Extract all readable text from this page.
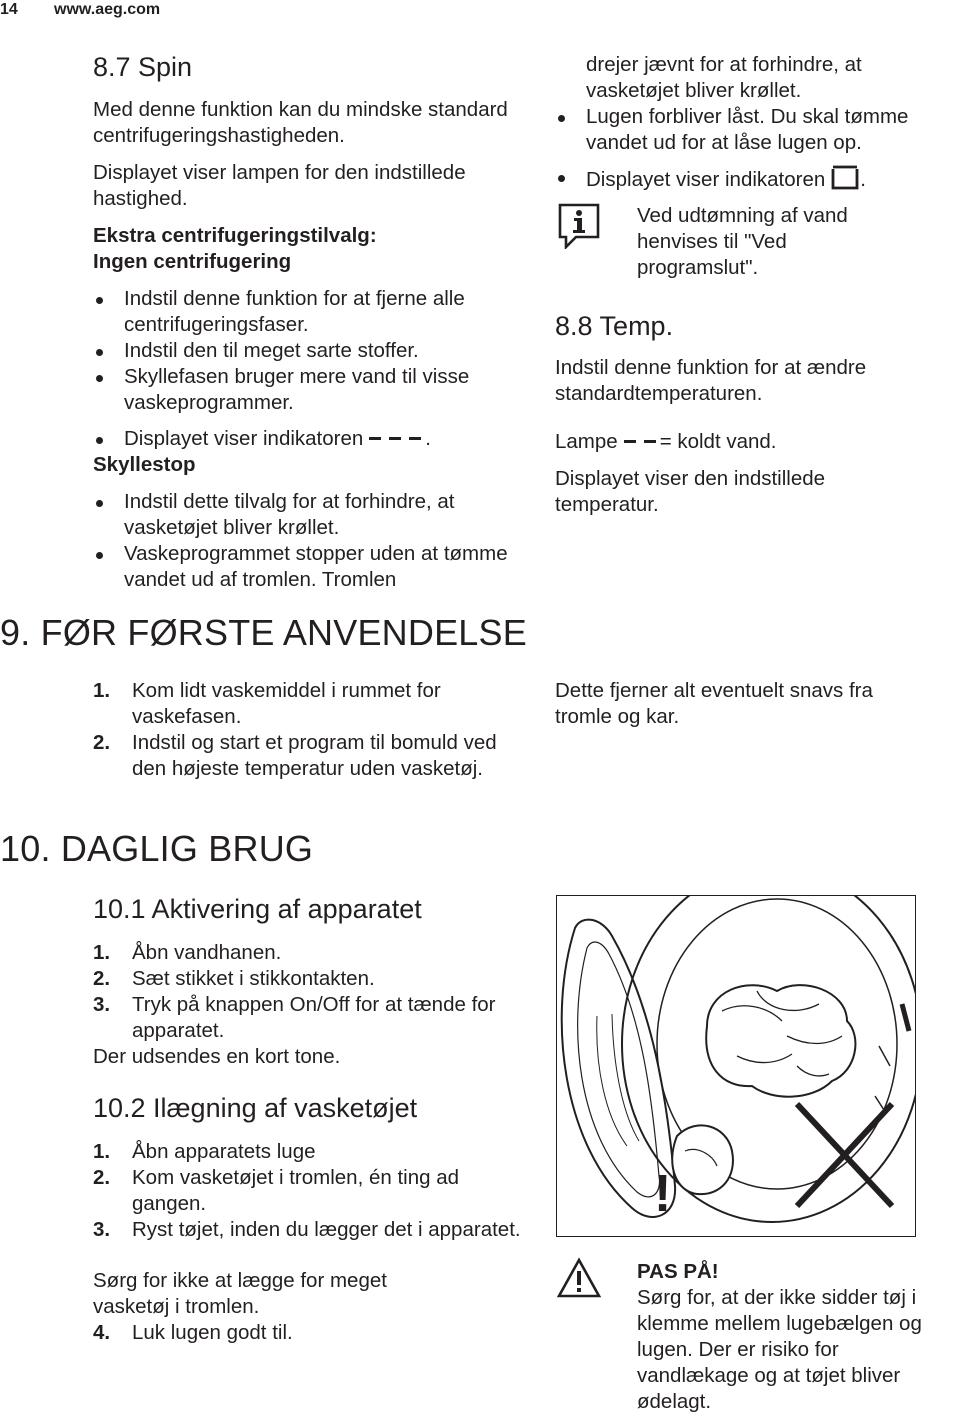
14 www.aeg.com
8.7 Spin
Med denne funktion kan du mindske standard centrifugeringshastigheden.
Displayet viser lampen for den indstillede hastighed.
Ekstra centrifugeringstilvalg:
Ingen centrifugering
Indstil denne funktion for at fjerne alle centrifugeringsfaser.
Indstil den til meget sarte stoffer.
Skyllefasen bruger mere vand til visse vaskeprogrammer.
Displayet viser indikatoren	.
Skyllestop
Indstil dette tilvalg for at forhindre, at vasketøjet bliver krøllet.
Vaskeprogrammet stopper uden at tømme vandet ud af tromlen. Tromlen
drejer jævnt for at forhindre, at vasketøjet bliver krøllet.
Lugen forbliver låst. Du skal tømme vandet ud for at låse lugen op.
Displayet viser indikatoren .
Ved udtømning af vand henvises til "Ved programslut".
8.8 Temp.
Indstil denne funktion for at ændre standardtemperaturen.
Lampe = koldt vand.
Displayet viser den indstillede temperatur.
9. FØR FØRSTE ANVENDELSE
1. Kom lidt vaskemiddel i rummet for vaskefasen.
2. Indstil og start et program til bomuld ved den højeste temperatur uden vasketøj.
Dette fjerner alt eventuelt snavs fra tromle og kar.
10. DAGLIG BRUG
10.1 Aktivering af apparatet
1. Åbn vandhanen.
2. Sæt stikket i stikkontakten.
3. Tryk på knappen On/Off for at tænde for apparatet.
Der udsendes en kort tone.
10.2 Ilægning af vasketøjet
1. Åbn apparatets luge
2. Kom vasketøjet i tromlen, én ting ad gangen.
3. Ryst tøjet, inden du lægger det i apparatet.
Sørg for ikke at lægge for meget vasketøj i tromlen.
4. Luk lugen godt til.
!
PAS PÅ!
Sørg for, at der ikke sidder tøj i klemme mellem lugebælgen og lugen. Der er risiko for vandlækage og at tøjet bliver ødelagt.
